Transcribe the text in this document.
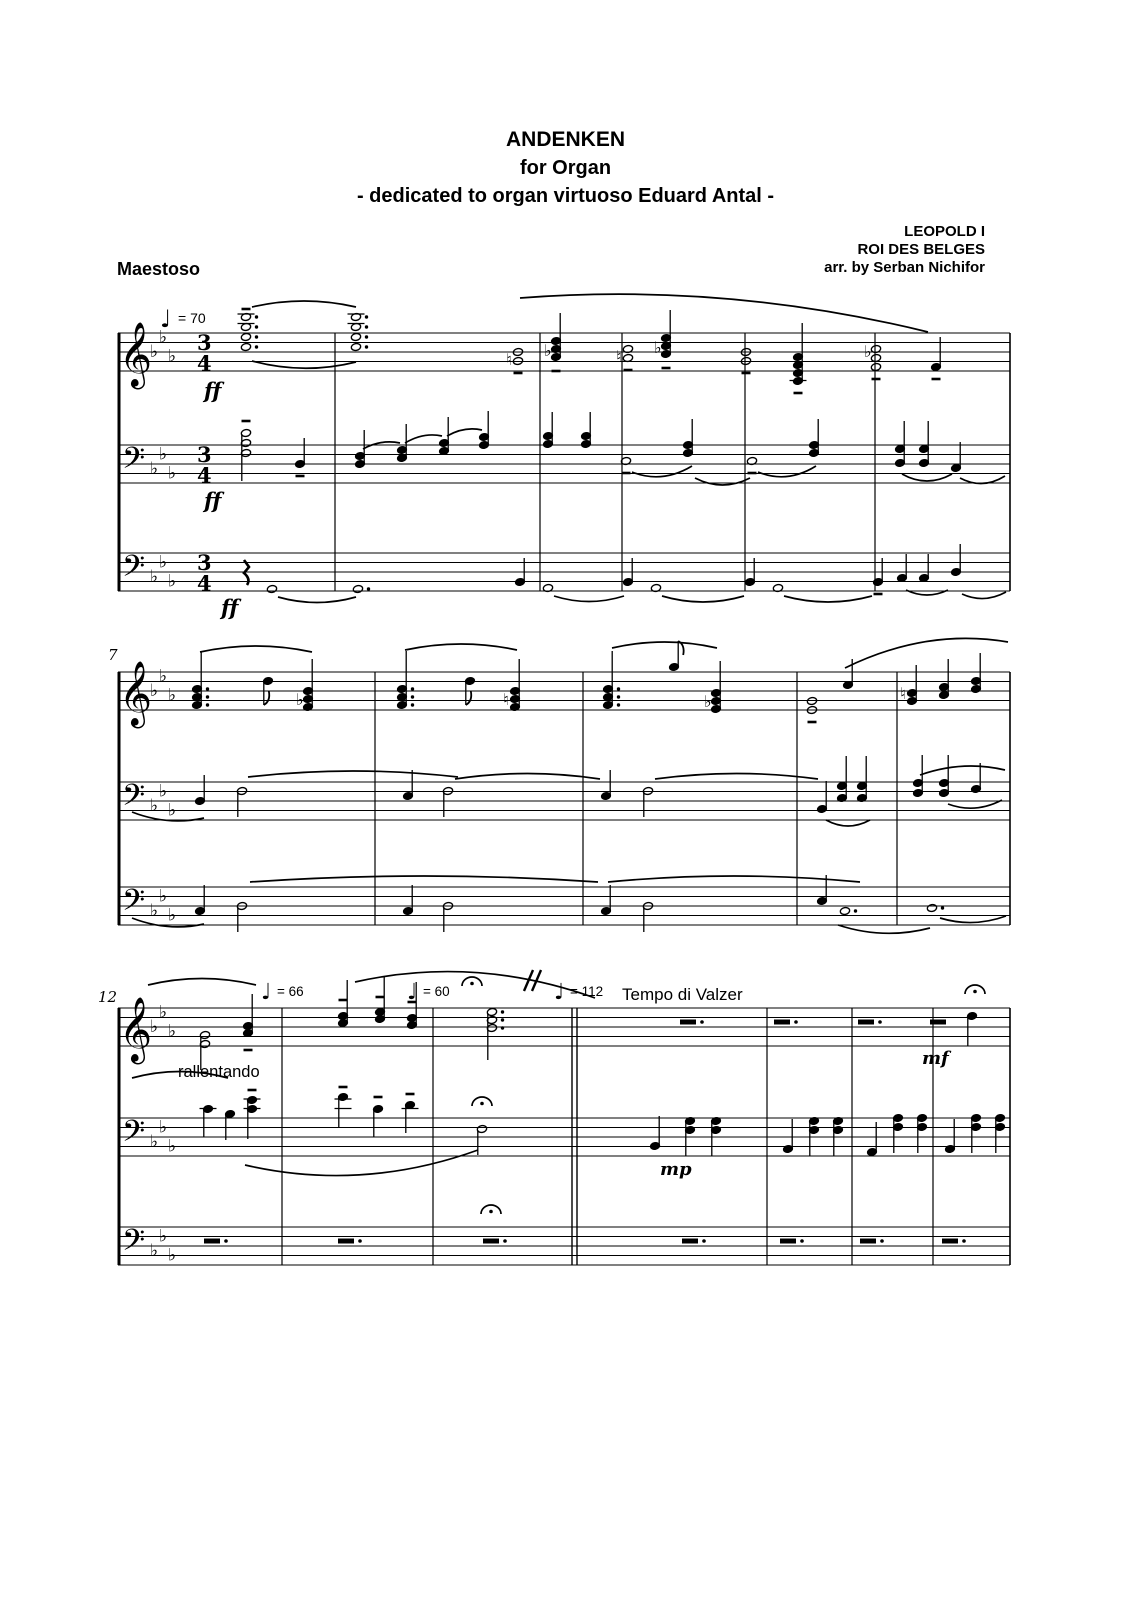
ANDENKEN
for Organ
- dedicated to organ virtuoso Eduard Antal -
LEOPOLD I
ROI DES BELGES
arr. by Serban Nichifor
Maestoso
𝄞
𝄢
𝄢
♭
♭
♭
♭
♭
♭
♭
♭
♭
3
4
3
4
3
4
♮ ♭	♮ ♭	♭
ff
ff
ff
♩ = 70
𝄞
𝄢
𝄢
♭
♭
♭
♭
♭
♭
♭
♭
♭
7
♭	♮	♭	♮
𝄞
𝄢
𝄢
♭
♭
♭
♭
♭
♭
♭
♭
♭
12
rallentando
mp
mf
♩ = 66	♩ = 60	♩ = 112 Tempo di Valzer
